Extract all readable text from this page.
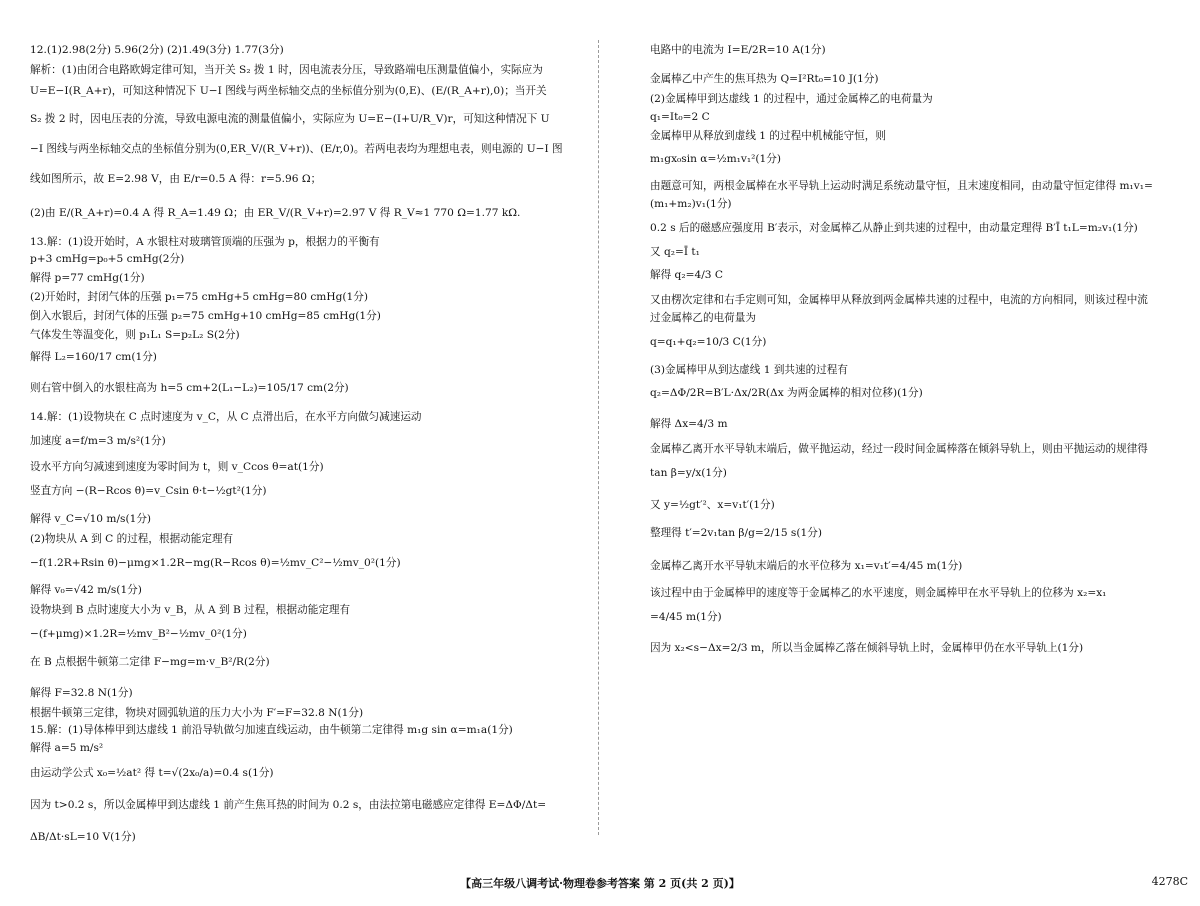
12.(1)2.98(2分) 5.96(2分) (2)1.49(3分) 1.77(3分)
解析：(1)由闭合电路欧姆定律可知，当开关 S₂ 拨 1 时，因电流表分压，导致路端电压测量值偏小，实际应为
U=E−I(R_A+r)，可知这种情况下 U−I 图线与两坐标轴交点的坐标值分别为(0,E)、(E/(R_A+r),0)；当开关
S₂ 拨 2 时，因电压表的分流，导致电源电流的测量值偏小，实际应为 U=E−(I+U/R_V)r，可知这种情况下 U
−I 图线与两坐标轴交点的坐标值分别为(0,ER_V/(R_V+r))、(E/r,0)。若两电表均为理想电表，则电源的 U−I 图
线如图所示，故 E=2.98 V，由 E/r=0.5 A 得：r=5.96 Ω；
(2)由 E/(R_A+r)=0.4 A 得 R_A=1.49 Ω；由 ER_V/(R_V+r)=2.97 V 得 R_V≈1 770 Ω=1.77 kΩ.
13.解：(1)设开始时，A 水银柱对玻璃管顶端的压强为 p，根据力的平衡有
p+3 cmHg=p₀+5 cmHg(2分)
解得 p=77 cmHg(1分)
(2)开始时，封闭气体的压强 p₁=75 cmHg+5 cmHg=80 cmHg(1分)
倒入水银后，封闭气体的压强 p₂=75 cmHg+10 cmHg=85 cmHg(1分)
气体发生等温变化，则 p₁L₁ S=p₂L₂ S(2分)
解得 L₂=160/17 cm(1分)
则右管中倒入的水银柱高为 h=5 cm+2(L₁−L₂)=105/17 cm(2分)
14.解：(1)设物块在 C 点时速度为 v_C，从 C 点滑出后，在水平方向做匀减速运动
加速度 a=f/m=3 m/s²(1分)
设水平方向匀减速到速度为零时间为 t，则 v_Ccos θ=at(1分)
竖直方向 −(R−Rcos θ)=v_Csin θ·t−½gt²(1分)
解得 v_C=√10 m/s(1分)
(2)物块从 A 到 C 的过程，根据动能定理有
−f(1.2R+Rsin θ)−μmg×1.2R−mg(R−Rcos θ)=½mv_C²−½mv_0²(1分)
解得 v₀=√42 m/s(1分)
设物块到 B 点时速度大小为 v_B，从 A 到 B 过程，根据动能定理有
−(f+μmg)×1.2R=½mv_B²−½mv_0²(1分)
在 B 点根据牛顿第二定律 F−mg=m·v_B²/R(2分)
解得 F=32.8 N(1分)
根据牛顿第三定律，物块对圆弧轨道的压力大小为 F′=F=32.8 N(1分)
15.解：(1)导体棒甲到达虚线 1 前沿导轨做匀加速直线运动，由牛顿第二定律得 m₁g sin α=m₁a(1分)
解得 a=5 m/s²
由运动学公式 x₀=½at² 得 t=√(2x₀/a)=0.4 s(1分)
因为 t>0.2 s，所以金属棒甲到达虚线 1 前产生焦耳热的时间为 0.2 s，由法拉第电磁感应定律得 E=ΔΦ/Δt=
ΔB/Δt·sL=10 V(1分)
电路中的电流为 I=E/2R=10 A(1分)
金属棒乙中产生的焦耳热为 Q=I²Rt₀=10 J(1分)
(2)金属棒甲到达虚线 1 的过程中，通过金属棒乙的电荷量为
q₁=It₀=2 C
金属棒甲从释放到虚线 1 的过程中机械能守恒，则
m₁gx₀sin α=½m₁v₁²(1分)
由题意可知，两根金属棒在水平导轨上运动时满足系统动量守恒，且末速度相同，由动量守恒定律得 m₁v₁=
(m₁+m₂)v₁(1分)
0.2 s 后的磁感应强度用 B′表示，对金属棒乙从静止到共速的过程中，由动量定理得 B′Ī t₁L=m₂v₁(1分)
又 q₂=Ī t₁
解得 q₂=4/3 C
又由楞次定律和右手定则可知，金属棒甲从释放到两金属棒共速的过程中，电流的方向相同，则该过程中流
过金属棒乙的电荷量为
q=q₁+q₂=10/3 C(1分)
(3)金属棒甲从到达虚线 1 到共速的过程有
q₂=ΔΦ/2R=B′L·Δx/2R(Δx 为两金属棒的相对位移)(1分)
解得 Δx=4/3 m
金属棒乙离开水平导轨末端后，做平抛运动，经过一段时间金属棒落在倾斜导轨上，则由平抛运动的规律得
tan β=y/x(1分)
又 y=½gt′²、x=v₁t′(1分)
整理得 t′=2v₁tan β/g=2/15 s(1分)
金属棒乙离开水平导轨末端后的水平位移为 x₁=v₁t′=4/45 m(1分)
该过程中由于金属棒甲的速度等于金属棒乙的水平速度，则金属棒甲在水平导轨上的位移为 x₂=x₁
=4/45 m(1分)
因为 x₂<s−Δx=2/3 m，所以当金属棒乙落在倾斜导轨上时，金属棒甲仍在水平导轨上(1分)
【高三年级八调考试·物理卷参考答案 第 2 页(共 2 页)】	4278C
